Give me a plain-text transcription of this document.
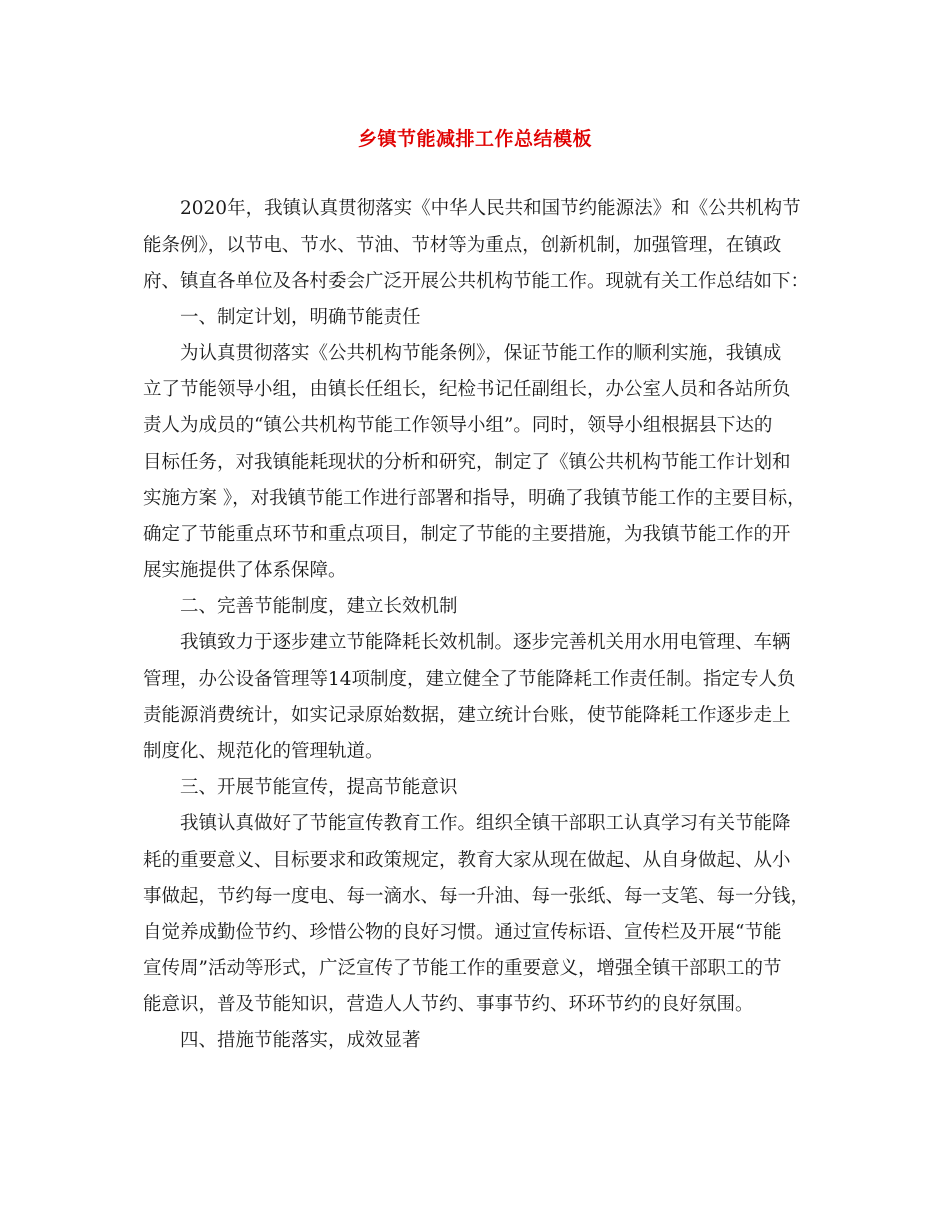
乡镇节能减排工作总结模板
2020年，我镇认真贯彻落实《中华人民共和国节约能源法》和《公共机构节
能条例》，以节电、节水、节油、节材等为重点，创新机制，加强管理，在镇政
府、镇直各单位及各村委会广泛开展公共机构节能工作。现就有关工作总结如下：
一、制定计划，明确节能责任
为认真贯彻落实《公共机构节能条例》，保证节能工作的顺利实施，我镇成
立了节能领导小组，由镇长任组长，纪检书记任副组长，办公室人员和各站所负
责人为成员的“镇公共机构节能工作领导小组”。同时，领导小组根据县下达的
目标任务，对我镇能耗现状的分析和研究，制定了《镇公共机构节能工作计划和
实施方案 》，对我镇节能工作进行部署和指导，明确了我镇节能工作的主要目标，
确定了节能重点环节和重点项目，制定了节能的主要措施，为我镇节能工作的开
展实施提供了体系保障。
二、完善节能制度，建立长效机制
我镇致力于逐步建立节能降耗长效机制。逐步完善机关用水用电管理、车辆
管理，办公设备管理等14项制度，建立健全了节能降耗工作责任制。指定专人负
责能源消费统计，如实记录原始数据，建立统计台账，使节能降耗工作逐步走上
制度化、规范化的管理轨道。
三、开展节能宣传，提高节能意识
我镇认真做好了节能宣传教育工作。组织全镇干部职工认真学习有关节能降
耗的重要意义、目标要求和政策规定，教育大家从现在做起、从自身做起、从小
事做起，节约每一度电、每一滴水、每一升油、每一张纸、每一支笔、每一分钱，
自觉养成勤俭节约、珍惜公物的良好习惯。通过宣传标语、宣传栏及开展“节能
宣传周”活动等形式，广泛宣传了节能工作的重要意义，增强全镇干部职工的节
能意识，普及节能知识，营造人人节约、事事节约、环环节约的良好氛围。
四、措施节能落实，成效显著
